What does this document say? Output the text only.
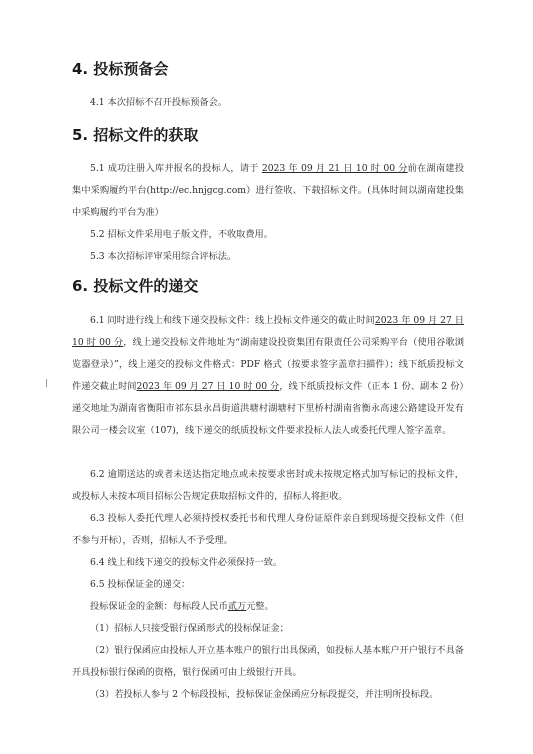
4. 投标预备会
4.1 本次招标不召开投标预备会。
5. 招标文件的获取
5.1 成功注册入库并报名的投标人，请于 2023 年 09 月 21 日 10 时 00 分前在湖南建投集中采购履约平台(http://ec.hnjgcg.com）进行签收、下载招标文件。(具体时间以湖南建投集中采购履约平台为准）
5.2 招标文件采用电子版文件，不收取费用。
5.3 本次招标评审采用综合评标法。
6. 投标文件的递交
6.1 同时进行线上和线下递交投标文件：线上投标文件递交的截止时间2023 年 09 月 27 日 10 时 00 分，线上递交投标文件地址为“湖南建设投资集团有限责任公司采购平台（使用谷歌浏览器登录）”，线上递交的投标文件格式：PDF 格式（按要求签字盖章扫描件）；线下纸质投标文件递交截止时间2023 年 09 月 27 日 10 时 00 分，线下纸质投标文件（正本 1 份、副本 2 份）递交地址为湖南省衡阳市祁东县永昌街道洪塘村湖塘村下里桥村湖南省衡永高速公路建设开发有限公司一楼会议室（107)，线下递交的纸质投标文件要求投标人法人或委托代理人签字盖章。
6.2 逾期送达的或者未送达指定地点或未按要求密封或未按规定格式加写标记的投标文件，或投标人未按本项目招标公告规定获取招标文件的，招标人将拒收。
6.3 投标人委托代理人必须持授权委托书和代理人身份证原件亲自到现场提交投标文件（但不参与开标），否则，招标人不予受理。
6.4 线上和线下递交的投标文件必须保持一致。
6.5 投标保证金的递交：
投标保证金的金额：每标段人民币贰万元整。
（1）招标人只接受银行保函形式的投标保证金；
（2）银行保函应由投标人开立基本账户的银行出具保函，如投标人基本账户开户银行不具备开具投标银行保函的资格，银行保函可由上级银行开具。
（3）若投标人参与 2 个标段投标，投标保证金保函应分标段提交，并注明所投标段。
